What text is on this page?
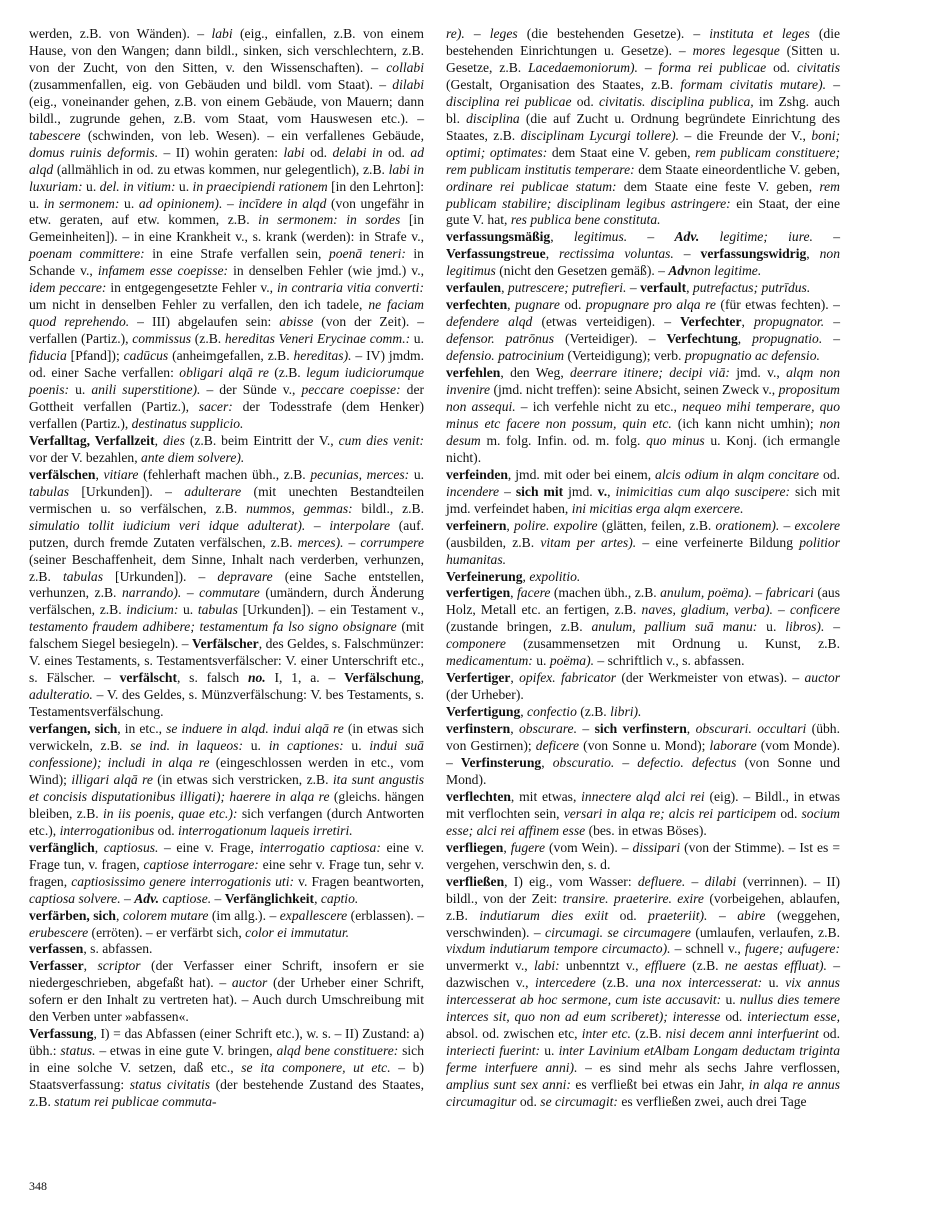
werden, z.B. von Wänden). – labi (eig., einfallen, z.B. von einem Hause, von den Wangen; dann bildl., sinken, sich verschlechtern, z.B. von der Zucht, von den Sitten, v. den Wissenschaften). – collabi (zusammenfallen, eig. von Gebäuden und bildl. vom Staat). – dilabi (eig., voneinander gehen, z.B. von einem Gebäude, von Mauern; dann bildl., zugrunde gehen, z.B. vom Staat, vom Hauswesen etc.). – tabescere (schwinden, von leb. Wesen). – ein verfallenes Gebäude, domus ruinis deformis. – II) wohin geraten: labi od. delabi in od. ad alqd (allmählich in od. zu etwas kommen, nur gelegentlich), z.B. labi in luxuriam: u. del. in vitium: u. in praecipiendi rationem [in den Lehrton]: u. in sermonem: u. ad opinionem). – incīdere in alqd (von ungefähr in etw. geraten, auf etw. kommen, z.B. in sermonem: in sordes [in Gemeinheiten]). – in eine Krankheit v., s. krank (werden): in Strafe v., poenam committere: in eine Strafe verfallen sein, poenā teneri: in Schande v., infamem esse coepisse: in denselben Fehler (wie jmd.) v., idem peccare: in entgegengesetzte Fehler v., in contraria vitia converti: um nicht in denselben Fehler zu verfallen, den ich tadele, ne faciam quod reprehendo. – III) abgelaufen sein: abisse (von der Zeit). – verfallen (Partiz.), commissus (z.B. hereditas Veneri Erycinae comm.: u. fiducia [Pfand]); cadūcus (anheimgefallen, z.B. hereditas). – IV) jmdm. od. einer Sache verfallen: obligari alqā re (z.B. legum iudiciorumque poenis: u. anili superstitione). – der Sünde v., peccare coepisse: der Gottheit verfallen (Partiz.), sacer: der Todesstrafe (dem Henker) verfallen (Partiz.), destinatus supplicio.

Verfalltag, Verfallzeit, dies (z.B. beim Eintritt der V., cum dies venit: vor der V. bezahlen, ante diem solvere).

verfälschen, vitiare (fehlerhaft machen übh., z.B. pecunias, merces: u. tabulas [Urkunden]). – adulterare (mit unechten Bestandteilen vermischen u. so verfälschen, z.B. nummos, gemmas: bildl., z.B. simulatio tollit iudicium veri idque adulterat). – interpolare (auf. putzen, durch fremde Zutaten verfälschen, z.B. merces). – corrumpere (seiner Beschaffenheit, dem Sinne, Inhalt nach verderben, verhunzen, z.B. tabulas [Urkunden]). – depravare (eine Sache entstellen, verhunzen, z.B. narrando). – commutare (umändern, durch Änderung verfälschen, z.B. indicium: u. tabulas [Urkunden]). – ein Testament v., testamento fraudem adhibere; testamentum fa lso signo obsignare (mit falschem Siegel besiegeln). – Verfälscher, des Geldes, s. Falschmünzer: V. eines Testaments, s. Testamentsverfälscher: V. einer Unterschrift etc., s. Fälscher. – verfälscht, s. falsch no. I, 1, a. – Verfälschung, adulteratio. – V. des Geldes, s. Münzverfälschung: V. bes Testaments, s. Testamentsverfälschung.

verfangen, sich, in etc., se induere in alqd. indui alqā re (in etwas sich verwickeln, z.B. se ind. in laqueos: u. in captiones: u. indui suā confessione); includi in alqa re (eingeschlossen werden in etc., vom Wind); illigari alqā re (in etwas sich verstricken, z.B. ita sunt angustis et concisis disputationibus illigati); haerere in alqa re (gleichs. hängen bleiben, z.B. in iis poenis, quae etc.): sich verfangen (durch Antworten etc.), interrogationibus od. interrogationum laqueis irretiri.

verfänglich, captiosus. – eine v. Frage, interrogatio captiosa: eine v. Frage tun, v. fragen, captiose interrogare: eine sehr v. Frage tun, sehr v. fragen, captiosissimo genere interrogationis uti: v. Fragen beantworten, captiosa solvere. – Adv. captiose. – Verfänglichkeit, captio.

verfärben, sich, colorem mutare (im allg.). – expallescere (erblassen). – erubescere (erröten). – er verfärbt sich, color ei immutatur.

verfassen, s. abfassen.

Verfasser, scriptor (der Verfasser einer Schrift, insofern er sie niedergeschrieben, abgefaßt hat). – auctor (der Urheber einer Schrift, sofern er den Inhalt zu vertreten hat). – Auch durch Umschreibung mit den Verben unter »abfassen«.

Verfassung, I) = das Abfassen (einer Schrift etc.), w. s. – II) Zustand: a) übh.: status. – etwas in eine gute V. bringen, alqd bene constituere: sich in eine solche V. setzen, daß etc., se ita componere, ut etc. – b) Staatsverfassung: status civitatis (der bestehende Zustand des Staates, z.B. statum rei publicae commuta-

re). – leges (die bestehenden Gesetze). – instituta et leges (die bestehenden Einrichtungen u. Gesetze). – mores legesque (Sitten u. Gesetze, z.B. Lacedaemoniorum). – forma rei publicae od. civitatis (Gestalt, Organisation des Staates, z.B. formam civitatis mutare). – disciplina rei publicae od. civitatis. disciplina publica, im Zshg. auch bl. disciplina (die auf Zucht u. Ordnung begründete Einrichtung des Staates, z.B. disciplinam Lycurgi tollere). – die Freunde der V., boni; optimi; optimates: dem Staat eine V. geben, rem publicam constituere; rem publicam institutis temperare: dem Staate eineordentliche V. geben, ordinare rei publicae statum: dem Staate eine feste V. geben, rem publicam stabilire; disciplinam legibus astringere: ein Staat, der eine gute V. hat, res publica bene constituta.

verfassungsmäßig, legitimus. – Adv. legitime; iure. – Verfassungstreue, rectissima voluntas. – verfassungswidrig, non legitimus (nicht den Gesetzen gemäß). – Advnon legitime.

verfaulen, putrescere; putrefieri. – verfault, putrefactus; putrīdus.

verfechten, pugnare od. propugnare pro alqa re (für etwas fechten). – defendere alqd (etwas verteidigen). – Verfechter, propugnator. – defensor. patrōnus (Verteidiger). – Verfechtung, propugnatio. – defensio. patrocinium (Verteidigung); verb. propugnatio ac defensio.

verfehlen, den Weg, deerrare itinere; decipi viā: jmd. v., alqm non invenire (jmd. nicht treffen): seine Absicht, seinen Zweck v., propositum non assequi. – ich verfehle nicht zu etc., nequeo mihi temperare, quo minus etc facere non possum, quin etc. (ich kann nicht umhin); non desum m. folg. Infin. od. m. folg. quo minus u. Konj. (ich ermangle nicht).

verfeinden, jmd. mit oder bei einem, alcis odium in alqm concitare od. incendere – sich mit jmd. v., inimicitias cum alqo suscipere: sich mit jmd. verfeindet haben, ini micitias erga alqm exercere.

verfeinern, polire. expolire (glätten, feilen, z.B. orationem). – excolere (ausbilden, z.B. vitam per artes). – eine verfeinerte Bildung politior humanitas.

Verfeinerung, expolitio.

verfertigen, facere (machen übh., z.B. anulum, poëma). – fabricari (aus Holz, Metall etc. an fertigen, z.B. naves, gladium, verba). – conficere (zustande bringen, z.B. anulum, pallium suā manu: u. libros). – componere (zusammensetzen mit Ordnung u. Kunst, z.B. medicamentum: u. poëma). – schriftlich v., s. abfassen.

Verfertiger, opifex. fabricator (der Werkmeister von etwas). – auctor (der Urheber).

Verfertigung, confectio (z.B. libri).

verfinstern, obscurare. – sich verfinstern, obscurari. occultari (übh. von Gestirnen); deficere (von Sonne u. Mond); laborare (vom Monde). – Verfinsterung, obscuratio. – defectio. defectus (von Sonne und Mond).

verflechten, mit etwas, innectere alqd alci rei (eig). – Bildl., in etwas mit verflochten sein, versari in alqa re; alcis rei participem od. socium esse; alci rei affinem esse (bes. in etwas Böses).

verfliegen, fugere (vom Wein). – dissipari (von der Stimme). – Ist es = vergehen, verschwin den, s. d.

verfließen, I) eig., vom Wasser: defluere. – dilabi (verrinnen). – II) bildl., von der Zeit: transire. praeterire. exire (vorbeigehen, ablaufen, z.B. indutiarum dies exiit od. praeteriit). – abire (weggehen, verschwinden). – circumagi. se circumagere (umlaufen, verlaufen, z.B. vixdum indutiarum tempore circumacto). – schnell v., fugere; aufugere: unvermerkt v., labi: unbenntzt v., effluere (z.B. ne aestas effluat). – dazwischen v., intercedere (z.B. una nox intercesserat: u. vix annus intercesserat ab hoc sermone, cum iste accusavit: u. nullus dies temere interces sit, quo non ad eum scriberet); interesse od. interiectum esse, absol. od. zwischen etc, inter etc. (z.B. nisi decem anni interfuerint od. interiecti fuerint: u. inter Lavinium etAlbam Longam deductam triginta ferme interfuere anni). – es sind mehr als sechs Jahre verflossen, amplius sunt sex anni: es verfließt bei etwas ein Jahr, in alqa re annus circumagitur od. se circumagit: es verfließen zwei, auch drei Tage

348
